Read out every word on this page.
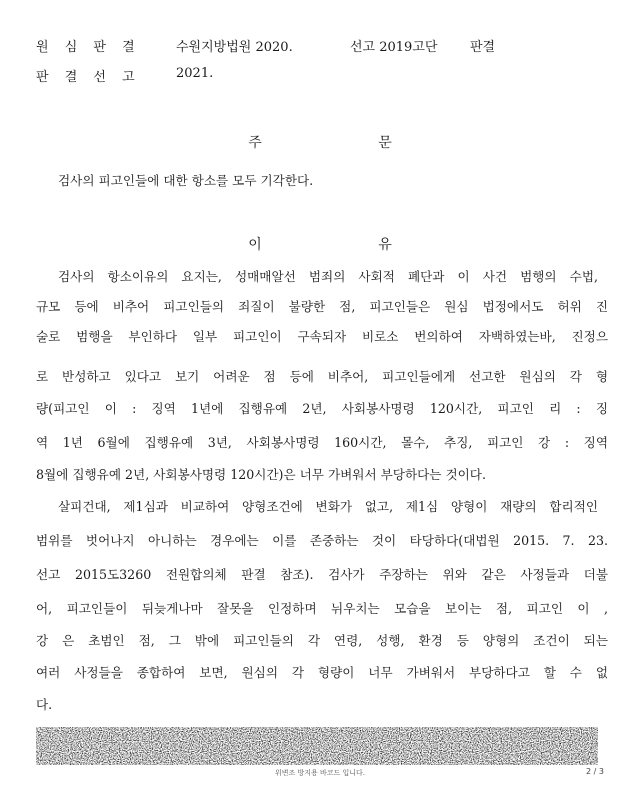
원 심 판 결	수원지방법원 2020.	선고 2019고단	판결
판 결 선 고	2021.
주 문
검사의 피고인들에 대한 항소를 모두 기각한다.
이 유
검사의 항소이유의 요지는, 성매매알선 범죄의 사회적 폐단과 이 사건 범행의 수법,
규모 등에 비추어 피고인들의 죄질이 불량한 점, 피고인들은 원심 법정에서도 허위 진
술로 범행을 부인하다 일부 피고인이 구속되자 비로소 번의하여 자백하였는바, 진정으
로 반성하고 있다고 보기 어려운 점 등에 비추어, 피고인들에게 선고한 원심의 각 형
량(피고인 이 : 징역 1년에 집행유예 2년, 사회봉사명령 120시간, 피고인 리 : 징
역 1년 6월에 집행유예 3년, 사회봉사명령 160시간, 몰수, 추징, 피고인 강 : 징역
8월에 집행유예 2년, 사회봉사명령 120시간)은 너무 가벼워서 부당하다는 것이다.
살피건대, 제1심과 비교하여 양형조건에 변화가 없고, 제1심 양형이 재량의 합리적인
범위를 벗어나지 아니하는 경우에는 이를 존중하는 것이 타당하다(대법원 2015. 7. 23.
선고 2015도3260 전원합의체 판결 참조). 검사가 주장하는 위와 같은 사정들과 더불
어, 피고인들이 뒤늦게나마 잘못을 인정하며 뉘우치는 모습을 보이는 점, 피고인 이 ,
강 은 초범인 점, 그 밖에 피고인들의 각 연령, 성행, 환경 등 양형의 조건이 되는
여러 사정들을 종합하여 보면, 원심의 각 형량이 너무 가벼워서 부당하다고 할 수 없
다.
위변조 방지용 바코드 입니다.	2 / 3
